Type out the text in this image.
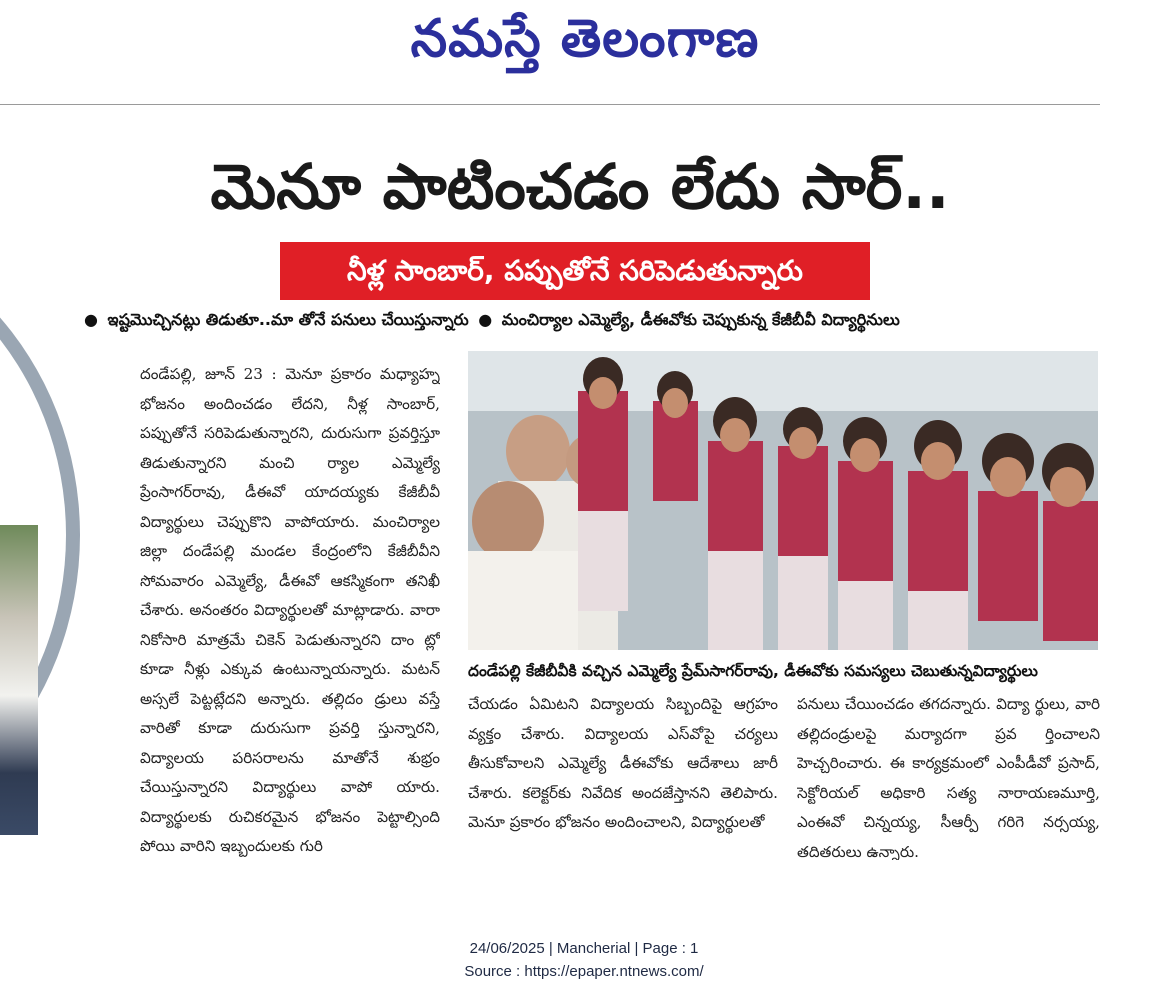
నమస్తే తెలంగాణ
మెనూ పాటించడం లేదు సార్..
నీళ్ల సాంబార్, పప్పుతోనే సరిపెడుతున్నారు
● ఇష్టమొచ్చినట్లు తిడుతూ..మా తోనే పనులు చేయిస్తున్నారు ● మంచిర్యాల ఎమ్మెల్యే, డీఈవోకు చెప్పుకున్న కేజీబీవీ విద్యార్థినులు
దండేపల్లి, జూన్ 23 : మెనూ ప్రకారం మధ్యాహ్న భోజనం అందించడం లేదని, నీళ్ల సాంబార్, పప్పుతోనే సరిపెడుతున్నారని, దురుసుగా ప్రవర్తిస్తూ తిడుతున్నారని మంచి ర్యాల ఎమ్మెల్యే ప్రేంసాగర్‌రావు, డీఈవో యాదయ్యకు కేజీబీవీ విద్యార్థులు చెప్పుకొని వాపోయారు. మంచిర్యాల జిల్లా దండేపల్లి మండల కేంద్రంలోని కేజీబీవీని సోమవారం ఎమ్మెల్యే, డీఈవో ఆకస్మికంగా తనిఖీ చేశారు. అనంతరం విద్యార్థులతో మాట్లాడారు. వారా నికోసారి మాత్రమే చికెన్ పెడుతున్నారని దాం ట్లో కూడా నీళ్లు ఎక్కువ ఉంటున్నాయన్నారు. మటన్ అస్సలే పెట్టట్లేదని అన్నారు. తల్లిదం డ్రులు వస్తే వారితో కూడా దురుసుగా ప్రవర్తి స్తున్నారని, విద్యాలయ పరిసరాలను మాతోనే శుభ్రం చేయిస్తున్నారని విద్యార్థులు వాపో యారు. విద్యార్థులకు రుచికరమైన భోజనం పెట్టాల్సింది పోయి వారిని ఇబ్బందులకు గురి
దండేపల్లి కేజీబీవీకి వచ్చిన ఎమ్మెల్యే ప్రేమ్‌సాగర్‌రావు, డీఈవోకు సమస్యలు చెబుతున్నవిద్యార్థులు
చేయడం ఏమిటని విద్యాలయ సిబ్బందిపై ఆగ్రహం వ్యక్తం చేశారు. విద్యాలయ ఎస్‌వోపై చర్యలు తీసుకోవాలని ఎమ్మెల్యే డీఈవోకు ఆదేశాలు జారీ చేశారు. కలెక్టర్‌కు నివేదిక అందజేస్తానని తెలిపారు. మెనూ ప్రకారం భోజనం అందించాలని, విద్యార్థులతో
పనులు చేయించడం తగదన్నారు. విద్యా ర్థులు, వారి తల్లిదండ్రులపై మర్యాదగా ప్రవ ర్తించాలని హెచ్చరించారు. ఈ కార్యక్రమంలో ఎంపీడీవో ప్రసాద్, సెక్టోరియల్ అధికారి సత్య నారాయణమూర్తి, ఎంఈవో చిన్నయ్య, సీఆర్పీ గరిగె నర్సయ్య, తదితరులు ఉన్నారు.
24/06/2025 | Mancherial | Page : 1
Source : https://epaper.ntnews.com/
